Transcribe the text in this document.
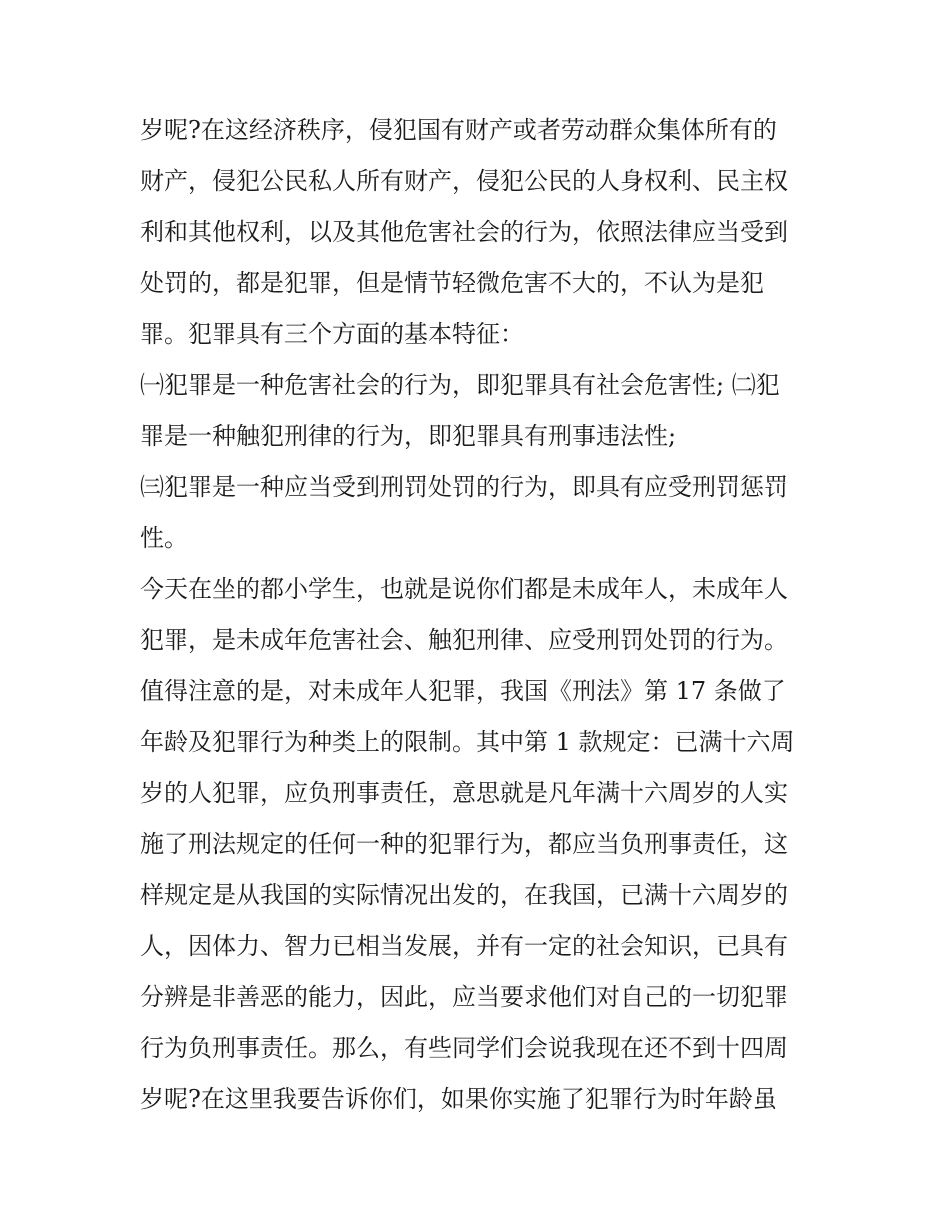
岁呢?在这经济秩序，侵犯国有财产或者劳动群众集体所有的
财产，侵犯公民私人所有财产，侵犯公民的人身权利、民主权
利和其他权利，以及其他危害社会的行为，依照法律应当受到
处罚的，都是犯罪，但是情节轻微危害不大的，不认为是犯
罪。犯罪具有三个方面的基本特征：
㈠犯罪是一种危害社会的行为，即犯罪具有社会危害性; ㈡犯
罪是一种触犯刑律的行为，即犯罪具有刑事违法性;
㈢犯罪是一种应当受到刑罚处罚的行为，即具有应受刑罚惩罚
性。
今天在坐的都小学生，也就是说你们都是未成年人，未成年人
犯罪，是未成年危害社会、触犯刑律、应受刑罚处罚的行为。
值得注意的是，对未成年人犯罪，我国《刑法》第 17 条做了
年龄及犯罪行为种类上的限制。其中第 1 款规定：已满十六周
岁的人犯罪，应负刑事责任，意思就是凡年满十六周岁的人实
施了刑法规定的任何一种的犯罪行为，都应当负刑事责任，这
样规定是从我国的实际情况出发的，在我国，已满十六周岁的
人，因体力、智力已相当发展，并有一定的社会知识，已具有
分辨是非善恶的能力，因此，应当要求他们对自己的一切犯罪
行为负刑事责任。那么，有些同学们会说我现在还不到十四周
岁呢?在这里我要告诉你们，如果你实施了犯罪行为时年龄虽
